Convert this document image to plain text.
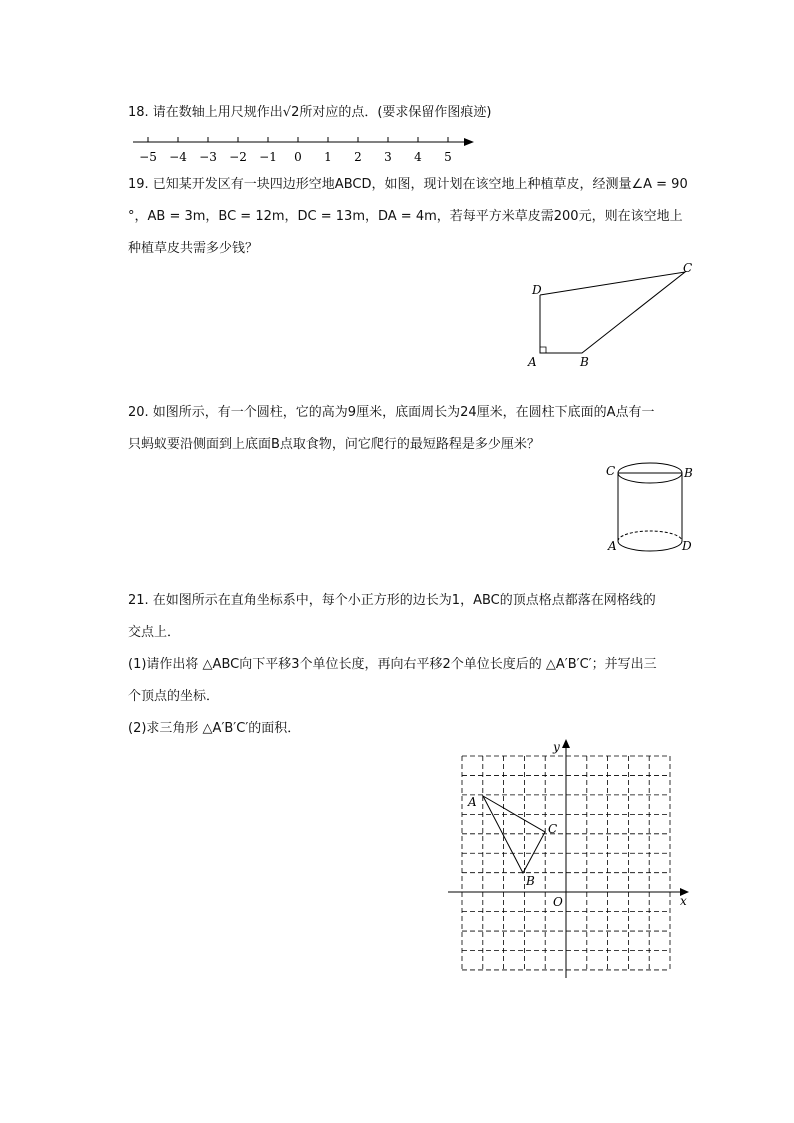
18. 请在数轴上用尺规作出√2所对应的点．(要求保留作图痕迹)
−5 −4 −3 −2 −1 0 1 2 3 4 5
19. 已知某开发区有一块四边形空地ABCD，如图，现计划在该空地上种植草皮，经测量∠A = 90
°，AB = 3m，BC = 12m，DC = 13m，DA = 4m，若每平方米草皮需200元，则在该空地上
种植草皮共需多少钱？
D
A	B
C
20. 如图所示，有一个圆柱，它的高为9厘米，底面周长为24厘米，在圆柱下底面的A点有一
只蚂蚁要沿侧面到上底面B点取食物，问它爬行的最短路程是多少厘米？
C	B
A	D
21. 在如图所示在直角坐标系中，每个小正方形的边长为1，ABC的顶点格点都落在网格线的
交点上．
(1)请作出将 △ABC向下平移3个单位长度，再向右平移2个单位长度后的 △A′B′C′；并写出三
个顶点的坐标．
(2)求三角形 △A′B′C′的面积．
A
B
C
O	x
y
